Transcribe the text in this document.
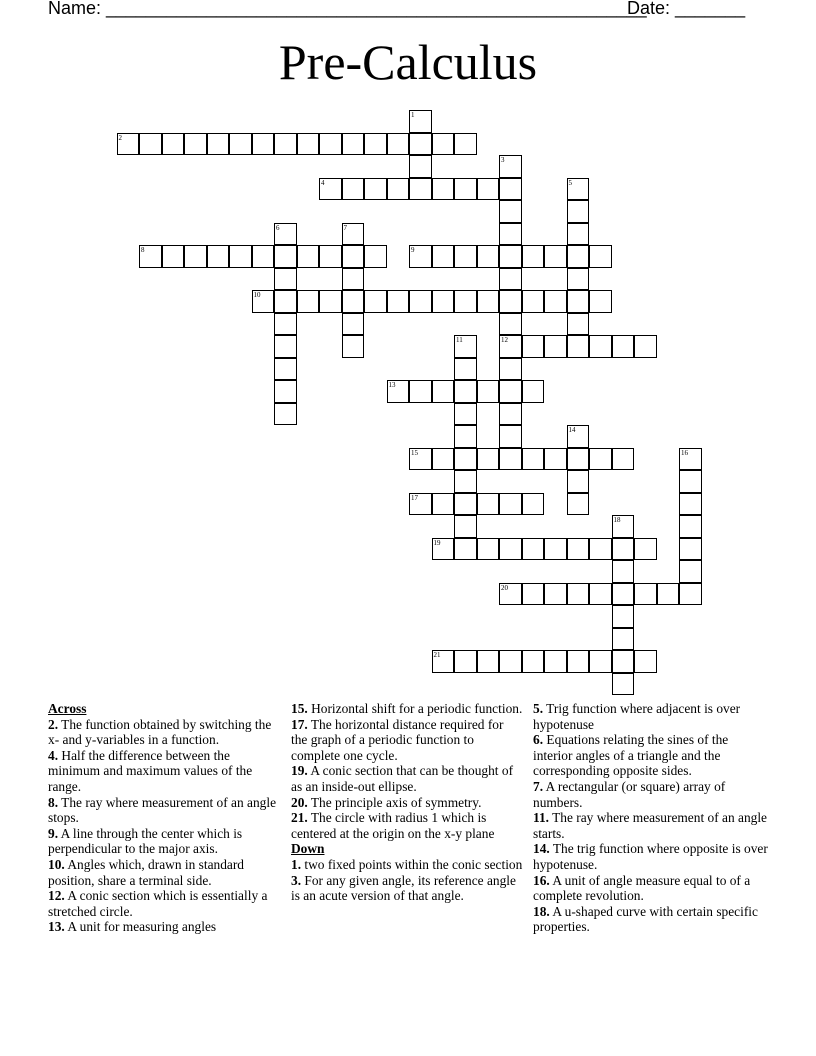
Name: ______________________________________________________
Date: _______
Pre-Calculus
1
2
3
4	5
6	7
8	9
10
11	12
13
14
15	16
17
18
19
20
21
Across
2. The function obtained by switching the x- and y-variables in a function.
4. Half the difference between the minimum and maximum values of the range.
8. The ray where measurement of an angle stops.
9. A line through the center which is perpendicular to the major axis.
10. Angles which, drawn in standard position, share a terminal side.
12. A conic section which is essentially a stretched circle.
13. A unit for measuring angles
15. Horizontal shift for a periodic function.
17. The horizontal distance required for the graph of a periodic function to complete one cycle.
19. A conic section that can be thought of as an inside-out ellipse.
20. The principle axis of symmetry.
21. The circle with radius 1 which is centered at the origin on the x-y plane
Down
1. two fixed points within the conic section
3. For any given angle, its reference angle is an acute version of that angle.
5. Trig function where adjacent is over hypotenuse
6. Equations relating the sines of the interior angles of a triangle and the corresponding opposite sides.
7. A rectangular (or square) array of numbers.
11. The ray where measurement of an angle starts.
14. The trig function where opposite is over hypotenuse.
16. A unit of angle measure equal to of a complete revolution.
18. A u-shaped curve with certain specific properties.
